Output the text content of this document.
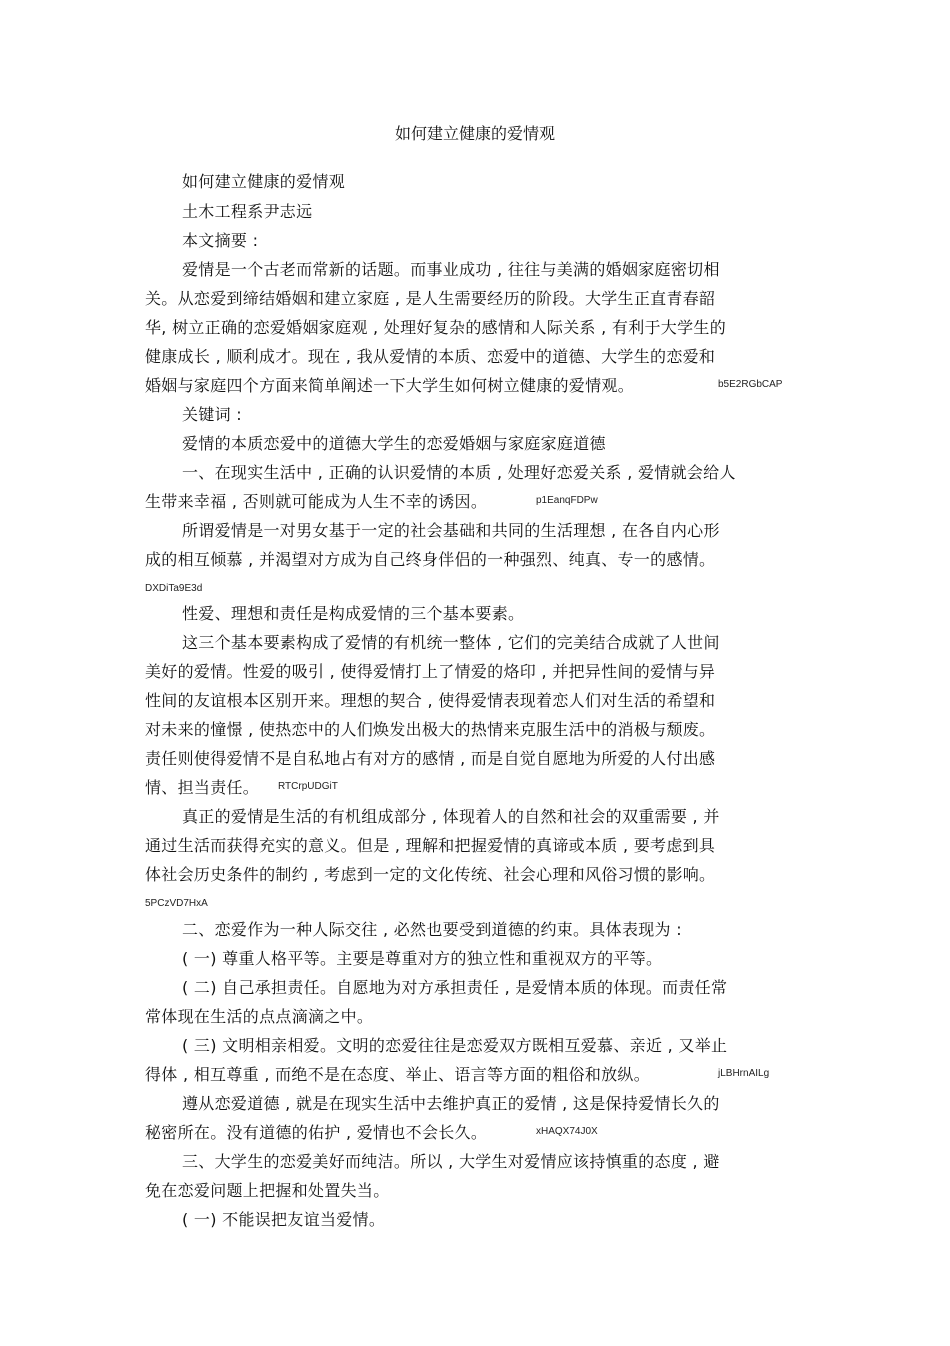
如何建立健康的爱情观
如何建立健康的爱情观
土木工程系尹志远
本文摘要 :
爱情是一个古老而常新的话题。而事业成功 , 往往与美满的婚姻家庭密切相
关。从恋爱到缔结婚姻和建立家庭 , 是人生需要经历的阶段。大学生正直青春韶
华, 树立正确的恋爱婚姻家庭观 , 处理好复杂的感情和人际关系 , 有利于大学生的
健康成长 , 顺利成才。现在 , 我从爱情的本质、恋爱中的道德、大学生的恋爱和
婚姻与家庭四个方面来简单阐述一下大学生如何树立健康的爱情观。	b5E2RGbCAP
关键词 :
爱情的本质恋爱中的道德大学生的恋爱婚姻与家庭家庭道德
一、在现实生活中 , 正确的认识爱情的本质 , 处理好恋爱关系 , 爱情就会给人
生带来幸福 , 否则就可能成为人生不幸的诱因。	p1EanqFDPw
所谓爱情是一对男女基于一定的社会基础和共同的生活理想 , 在各自内心形
成的相互倾慕 , 并渴望对方成为自己终身伴侣的一种强烈、纯真、专一的感情。
DXDiTa9E3d
性爱、理想和责任是构成爱情的三个基本要素。
这三个基本要素构成了爱情的有机统一整体 , 它们的完美结合成就了人世间
美好的爱情。性爱的吸引 , 使得爱情打上了情爱的烙印 , 并把异性间的爱情与异
性间的友谊根本区别开来。理想的契合 , 使得爱情表现着恋人们对生活的希望和
对未来的憧憬 , 使热恋中的人们焕发出极大的热情来克服生活中的消极与颓废。
责任则使得爱情不是自私地占有对方的感情 , 而是自觉自愿地为所爱的人付出感
情、担当责任。 RTCrpUDGiT
真正的爱情是生活的有机组成部分 , 体现着人的自然和社会的双重需要 , 并
通过生活而获得充实的意义。但是 , 理解和把握爱情的真谛或本质 , 要考虑到具
体社会历史条件的制约 , 考虑到一定的文化传统、社会心理和风俗习惯的影响。
5PCzVD7HxA
二、恋爱作为一种人际交往 , 必然也要受到道德的约束。具体表现为 :
( 一) 尊重人格平等。主要是尊重对方的独立性和重视双方的平等。
( 二) 自己承担责任。自愿地为对方承担责任 , 是爱情本质的体现。而责任常
常体现在生活的点点滴滴之中。
( 三) 文明相亲相爱。文明的恋爱往往是恋爱双方既相互爱慕、亲近 , 又举止
得体 , 相互尊重 , 而绝不是在态度、举止、语言等方面的粗俗和放纵。	jLBHrnAILg
遵从恋爱道德 , 就是在现实生活中去维护真正的爱情 , 这是保持爱情长久的
秘密所在。没有道德的佑护 , 爱情也不会长久。	xHAQX74J0X
三、大学生的恋爱美好而纯洁。所以 , 大学生对爱情应该持慎重的态度 , 避
免在恋爱问题上把握和处置失当。
( 一) 不能误把友谊当爱情。
